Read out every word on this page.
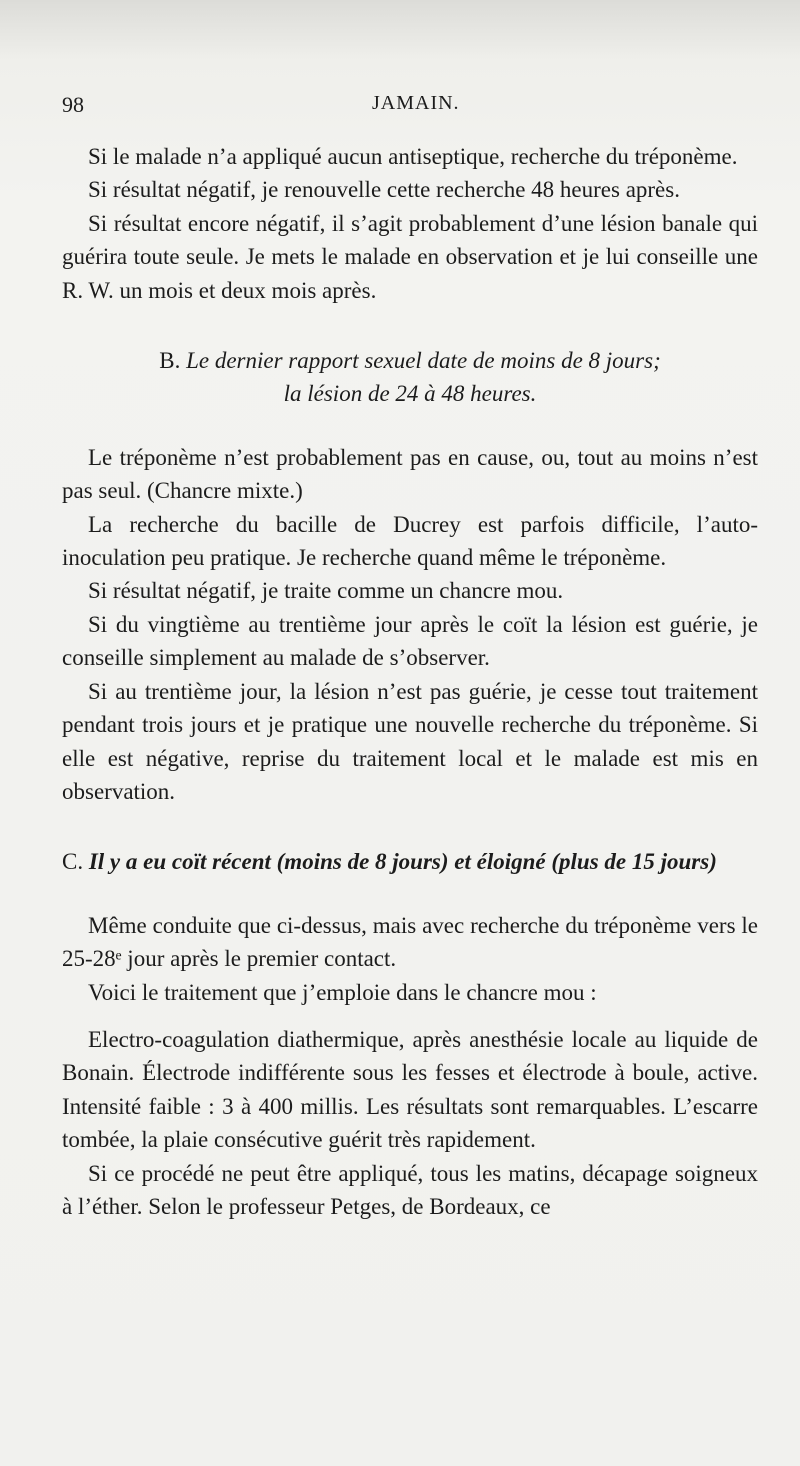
98	JAMAIN.

Si le malade n’a appliqué aucun antiseptique, recherche du tréponème.

Si résultat négatif, je renouvelle cette recherche 48 heures après.

Si résultat encore négatif, il s’agit probablement d’une lésion banale qui guérira toute seule. Je mets le malade en observation et je lui conseille une R. W. un mois et deux mois après.

B. Le dernier rapport sexuel date de moins de 8 jours;
la lésion de 24 à 48 heures.

Le tréponème n’est probablement pas en cause, ou, tout au moins n’est pas seul. (Chancre mixte.)

La recherche du bacille de Ducrey est parfois difficile, l’auto-inoculation peu pratique. Je recherche quand même le tréponème.

Si résultat négatif, je traite comme un chancre mou.

Si du vingtième au trentième jour après le coït la lésion est guérie, je conseille simplement au malade de s’observer.

Si au trentième jour, la lésion n’est pas guérie, je cesse tout traitement pendant trois jours et je pratique une nouvelle recherche du tréponème. Si elle est négative, reprise du traitement local et le malade est mis en observation.

C. Il y a eu coït récent (moins de 8 jours) et éloigné (plus de 15 jours)

Même conduite que ci-dessus, mais avec recherche du tréponème vers le 25-28ᵉ jour après le premier contact.

Voici le traitement que j’emploie dans le chancre mou :

Electro-coagulation diathermique, après anesthésie locale au liquide de Bonain. Électrode indifférente sous les fesses et électrode à boule, active. Intensité faible : 3 à 400 millis. Les résultats sont remarquables. L’escarre tombée, la plaie consécutive guérit très rapidement.

Si ce procédé ne peut être appliqué, tous les matins, décapage soigneux à l’éther. Selon le professeur Petges, de Bordeaux, ce
